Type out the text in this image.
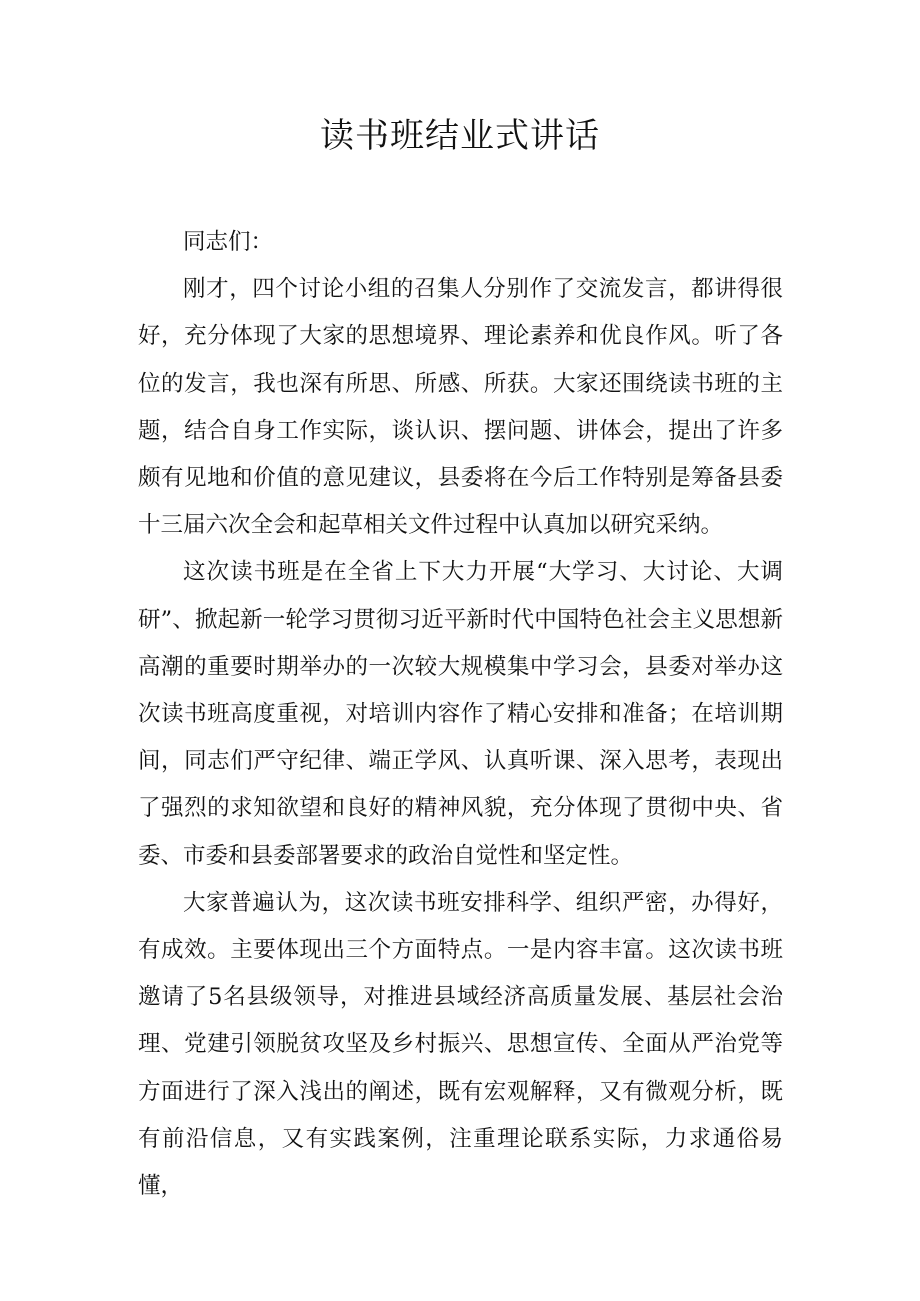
读书班结业式讲话

同志们：

刚才，四个讨论小组的召集人分别作了交流发言，都讲得很好，充分体现了大家的思想境界、理论素养和优良作风。听了各位的发言，我也深有所思、所感、所获。大家还围绕读书班的主题，结合自身工作实际，谈认识、摆问题、讲体会，提出了许多颇有见地和价值的意见建议，县委将在今后工作特别是筹备县委十三届六次全会和起草相关文件过程中认真加以研究采纳。

这次读书班是在全省上下大力开展“大学习、大讨论、大调研”、掀起新一轮学习贯彻习近平新时代中国特色社会主义思想新高潮的重要时期举办的一次较大规模集中学习会，县委对举办这次读书班高度重视，对培训内容作了精心安排和准备；在培训期间，同志们严守纪律、端正学风、认真听课、深入思考，表现出了强烈的求知欲望和良好的精神风貌，充分体现了贯彻中央、省委、市委和县委部署要求的政治自觉性和坚定性。

大家普遍认为，这次读书班安排科学、组织严密，办得好，有成效。主要体现出三个方面特点。一是内容丰富。这次读书班邀请了5名县级领导，对推进县域经济高质量发展、基层社会治理、党建引领脱贫攻坚及乡村振兴、思想宣传、全面从严治党等方面进行了深入浅出的阐述，既有宏观解释，又有微观分析，既有前沿信息，又有实践案例，注重理论联系实际，力求通俗易懂，
